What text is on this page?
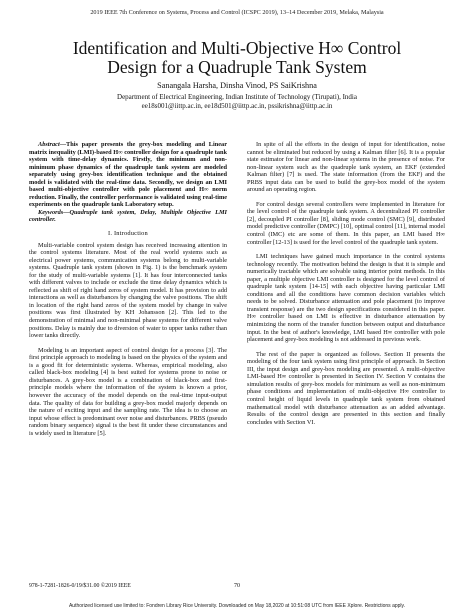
2019 IEEE 7th Conference on Systems, Process and Control (ICSPC 2019), 13–14 December 2019, Melaka, Malaysia
Identification and Multi-Objective H∞ Control
Design for a Quadruple Tank System
Sanangala Harsha, Dinsha Vinod, PS SaiKrishna
Department of Electrical Engineering, Indian Institute of Technology (Tirupati), India
ee18s001@iittp.ac.in, ee18d501@iittp.ac.in, pssikrishna@iittp.ac.in

Abstract—This paper presents the grey-box modeling and Linear matrix inequality (LMI)-based H∞ controller design for a quadruple tank system with time-delay dynamics. Firstly, the minimum and non-minimum phase dynamics of the quadruple tank system are modeled separately using grey-box identification technique and the obtained model is validated with the real-time data. Secondly, we design an LMI based multi-objective controller with pole placement and H∞ norm reduction. Finally, the controller performance is validated using real-time experiments on the quadruple tank Laboratory setup.

Keywords—Quadruple tank system, Delay, Multiple Objective LMI controller.

I. Introduction

Multi-variable control system design has received increasing attention in the control systems literature. Most of the real world systems such as electrical power systems, communication systems belong to multi-variable systems. Quadruple tank system (shown in Fig. 1) is the benchmark system for the study of multi-variable systems [1]. It has four interconnected tanks with different valves to include or exclude the time delay dynamics which is reflected as shift of right hand zeros of system model. It has provision to add interactions as well as disturbances by changing the valve positions. The shift in location of the right hand zeros of the system model by change in valve positions was first illustrated by KH Johansson [2]. This led to the demonstration of minimal and non-minimal phase systems for different valve positions. Delay is mainly due to diversion of water to upper tanks rather than lower tanks directly.

Modeling is an important aspect of control design for a process [3]. The first principle approach to modeling is based on the physics of the system and is a good fit for deterministic systems. Whereas, empirical modeling, also called black-box modeling [4] is best suited for systems prone to noise or disturbances. A grey-box model is a combination of black-box and first-principle models where the information of the system is known a prior, however the accuracy of the model depends on the real-time input-output data. The quality of data for building a grey-box model majorly depends on the nature of exciting input and the sampling rate. The idea is to choose an input whose effect is predominant over noise and disturbances. PRBS (pseudo random binary sequence) signal is the best fit under these circumstances and is widely used in literature [5].

In spite of all the efforts in the design of input for identification, noise cannot be eliminated but reduced by using a Kalman filter [6]. It is a popular state estimator for linear and non-linear systems in the presence of noise. For non-linear system such as the quadruple tank system, an EKF (extended Kalman filter) [7] is used. The state information (from the EKF) and the PRBS input data can be used to build the grey-box model of the system around an operating region.

For control design several controllers were implemented in literature for the level control of the quadruple tank system. A decentralized PI controller [2], decoupled PI controller [8], sliding mode control (SMC) [9], distributed model predictive controller (DMPC) [10], optimal control [11], internal model control (IMC) etc are some of them. In this paper, an LMI based H∞ controller [12-13] is used for the level control of the quadruple tank system.

LMI techniques have gained much importance in the control systems technology recently. The motivation behind the design is that it is simple and numerically tractable which are solvable using interior point methods. In this paper, a multiple objective LMI controller is designed for the level control of quadruple tank system [14-15] with each objective having particular LMI conditions and all the conditions have common decision variables which needs to be solved. Disturbance attenuation and pole placement (to improve transient response) are the two design specifications considered in this paper. H∞ controller based on LMI is effective in disturbance attenuation by minimizing the norm of the transfer function between output and disturbance input. In the best of author's knowledge, LMI based H∞ controller with pole placement and grey-box modeling is not addressed in previous work.

The rest of the paper is organized as follows. Section II presents the modeling of the four tank system using first principle of approach. In Section III, the input design and grey-box modeling are presented. A multi-objective LMI-based H∞ controller is presented in Section IV. Section V contains the simulation results of grey-box models for minimum as well as non-minimum phase conditions and implementation of multi-objective H∞ controller to control height of liquid levels in quadruple tank system from obtained mathematical model with disturbance attenuation as an added advantage. Results of the control design are presented in this section and finally concludes with Section VI.

978-1-7281-1826-0/19/$31.00 ©2019 IEEE	70
Authorized licensed use limited to: Fondren Library Rice University. Downloaded on May 18,2020 at 10:51:08 UTC from IEEE Xplore. Restrictions apply.
